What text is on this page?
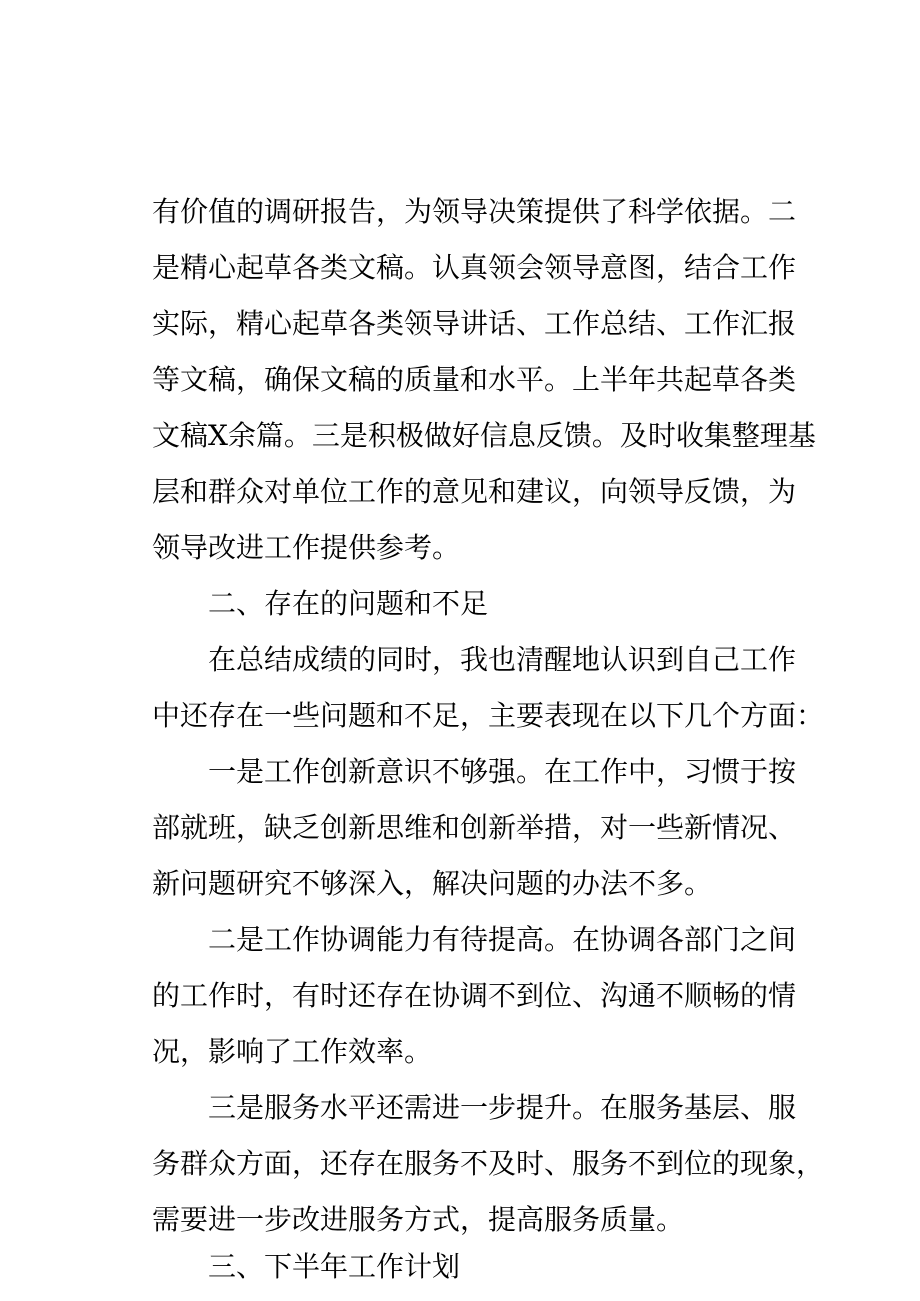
有价值的调研报告，为领导决策提供了科学依据。二
是精心起草各类文稿。认真领会领导意图，结合工作
实际，精心起草各类领导讲话、工作总结、工作汇报
等文稿，确保文稿的质量和水平。上半年共起草各类
文稿X余篇。三是积极做好信息反馈。及时收集整理基
层和群众对单位工作的意见和建议，向领导反馈，为
领导改进工作提供参考。
二、存在的问题和不足
在总结成绩的同时，我也清醒地认识到自己工作
中还存在一些问题和不足，主要表现在以下几个方面：
一是工作创新意识不够强。在工作中，习惯于按
部就班，缺乏创新思维和创新举措，对一些新情况、
新问题研究不够深入，解决问题的办法不多。
二是工作协调能力有待提高。在协调各部门之间
的工作时，有时还存在协调不到位、沟通不顺畅的情
况，影响了工作效率。
三是服务水平还需进一步提升。在服务基层、服
务群众方面，还存在服务不及时、服务不到位的现象，
需要进一步改进服务方式，提高服务质量。
三、下半年工作计划
